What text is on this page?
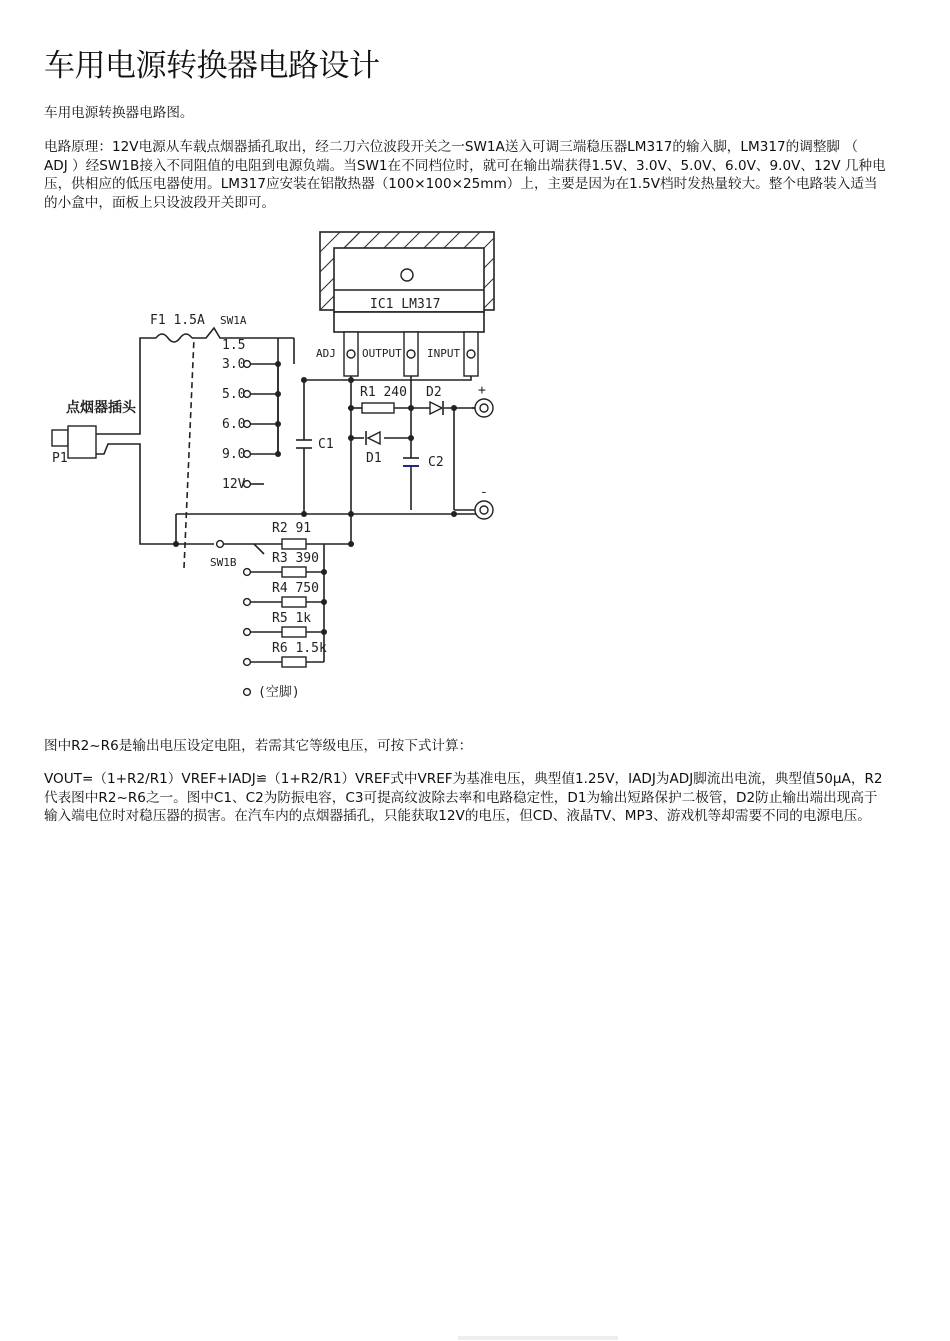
车用电源转换器电路设计

车用电源转换器电路图。

电路原理：12V电源从车载点烟器插孔取出，经二刀六位波段开关之一SW1A送入可调三端稳压器LM317的输入脚，LM317的调整脚 （ ADJ ）经SW1B接入不同阻值的电阻到电源负端。当SW1在不同档位时，就可在输出端获得1.5V、3.0V、5.0V、6.0V、9.0V、12V 几种电压，供相应的低压电器使用。LM317应安装在铝散热器（100×100×25mm）上，主要是因为在1.5V档时发热量较大。整个电路装入适当的小盒中，面板上只设波段开关即可。

图中R2~R6是输出电压设定电阻，若需其它等级电压，可按下式计算：

VOUT=（1+R2/R1）VREF+IADJ≌（1+R2/R1）VREF式中VREF为基准电压，典型值1.25V，IADJ为ADJ脚流出电流，典型值50μA，R2代表图中R2~R6之一。图中C1、C2为防振电容，C3可提高纹波除去率和电路稳定性，D1为输出短路保护二极管，D2防止输出端出现高于输入端电位时对稳压器的损害。在汽车内的点烟器插孔，只能获取12V的电压，但CD、液晶TV、MP3、游戏机等却需要不同的电源电压。

IC1 LM317
ADJ OUTPUT INPUT
1.5
3.0
5.0
6.0
9.0
12V
SW1A
F1 1.5A
点烟器插头
P1
R1 240 D2
D1
C1
C2
+
-
SW1B
R2 91
R3 390
R4 750
R5 1k
R6 1.5k
(空脚)
